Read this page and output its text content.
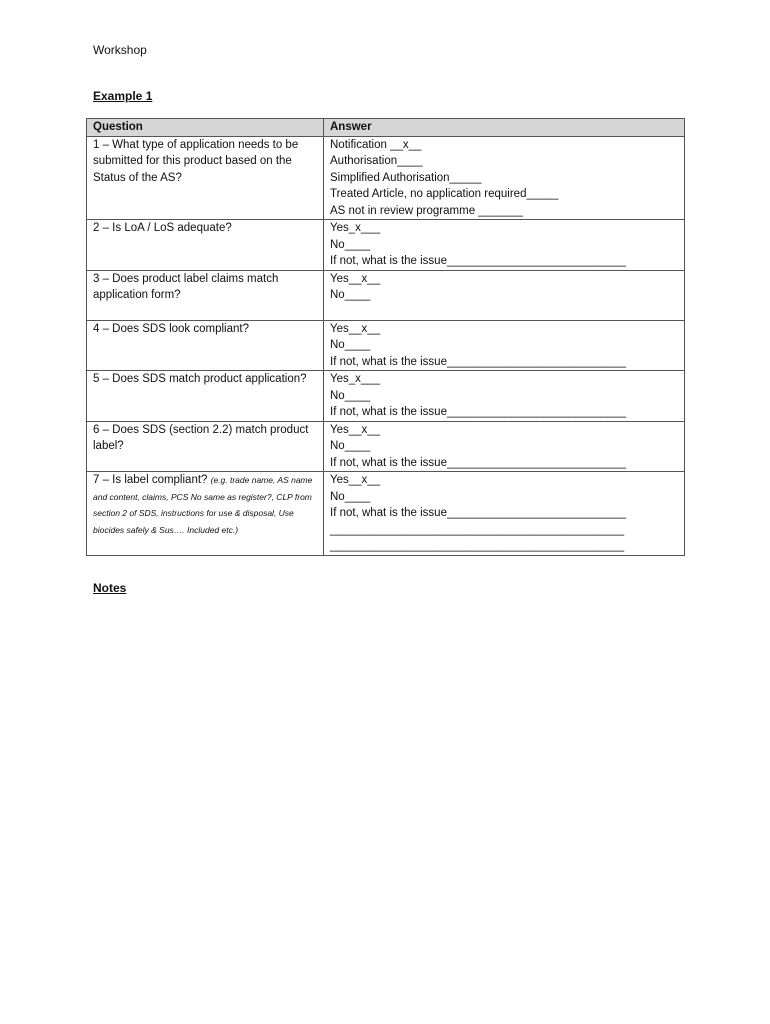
Workshop
Example 1
Question	Answer
1 – What type of application needs to be submitted for this product based on the Status of the AS?	Notification __x__
Authorisation____
Simplified Authorisation_____
Treated Article, no application required_____
AS not in review programme _______

2 – Is LoA / LoS adequate?	Yes_x___
No____
If not, what is the issue____________________________

3 – Does product label claims match application form?	Yes__x__
No____

4 – Does SDS look compliant?	Yes__x__
No____
If not, what is the issue____________________________

5 – Does SDS match product application?	Yes_x___
No____
If not, what is the issue____________________________

6 – Does SDS (section 2.2) match product label?	Yes__x__
No____
If not, what is the issue____________________________

7 – Is label compliant? (e.g. trade name, AS name and content, claims, PCS No same as register?, CLP from section 2 of SDS, instructions for use & disposal, Use biocides safely & Sus…. Included etc.)	Yes__x__
No____
If not, what is the issue____________________________
______________________________________________
______________________________________________
Notes
